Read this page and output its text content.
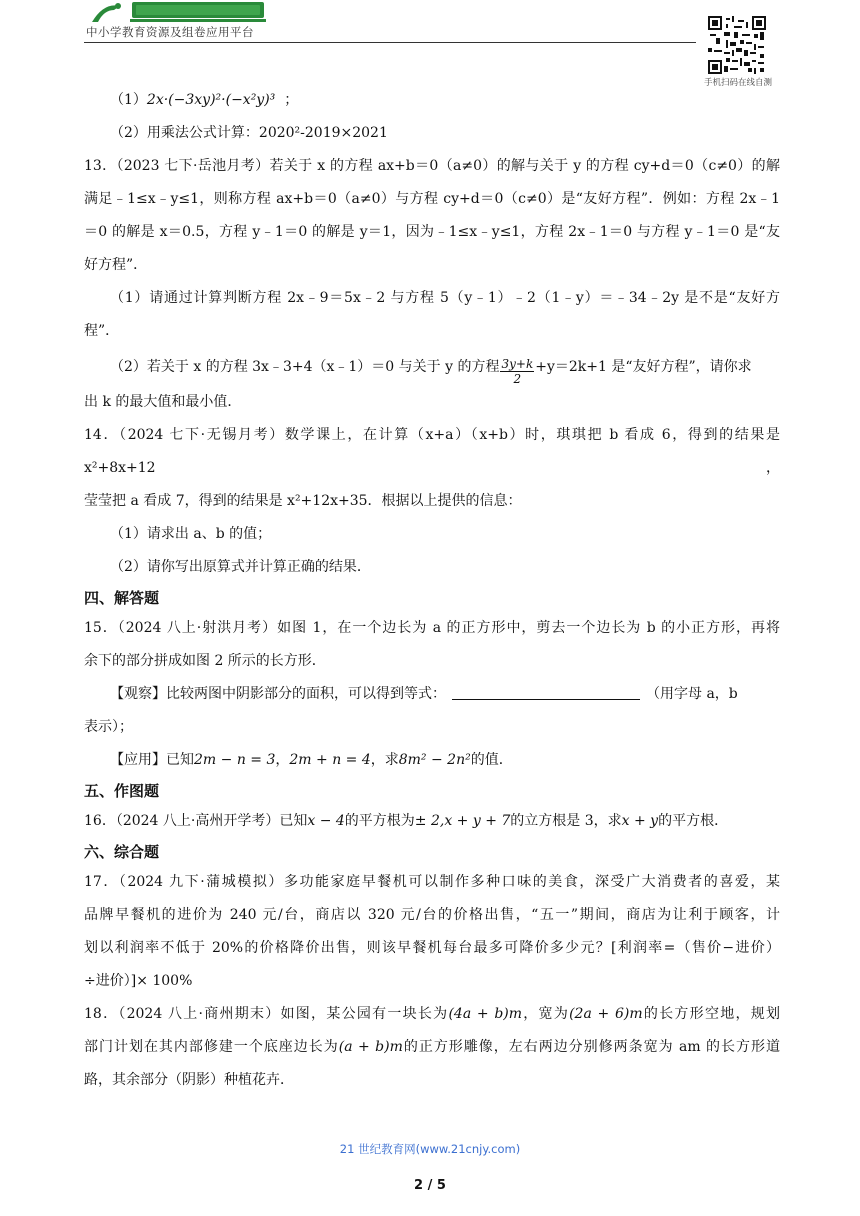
中小学教育资源及组卷应用平台
手机扫码在线自测
（1）2x·(−3xy)²·(−x²y)³ ；
（2）用乘法公式计算：2020²-2019×2021
13．（2023 七下·岳池月考）若关于 x 的方程 ax+b＝0（a≠0）的解与关于 y 的方程 cy+d＝0（c≠0）的解
满足﹣1≤x﹣y≤1，则称方程 ax+b＝0（a≠0）与方程 cy+d＝0（c≠0）是“友好方程”．例如：方程 2x﹣1
＝0 的解是 x＝0.5，方程 y﹣1＝0 的解是 y＝1，因为﹣1≤x﹣y≤1，方程 2x﹣1＝0 与方程 y﹣1＝0 是“友
好方程”．
（1）请通过计算判断方程 2x﹣9＝5x﹣2 与方程 5（y﹣1）﹣2（1﹣y）＝﹣34﹣2y 是不是“友好方
程”．
（2）若关于 x 的方程 3x﹣3+4（x﹣1）＝0 与关于 y 的方程 $\frac{3y+k}{2} +y=2k+1$ 是“友好方程”，请你求
出 k 的最大值和最小值．
14．（2024 七下·无锡月考）数学课上，在计算（x+a）（x+b）时，琪琪把 b 看成 6，得到的结果是 x²+8x+12，
莹莹把 a 看成 7，得到的结果是 x²+12x+35．根据以上提供的信息：
（1）请求出 a、b 的值；
（2）请你写出原算式并计算正确的结果．
四、解答题
15．（2024 八上·射洪月考）如图 1，在一个边长为 a 的正方形中，剪去一个边长为 b 的小正方形，再将
余下的部分拼成如图 2 所示的长方形．
【观察】比较两图中阴影部分的面积，可以得到等式：	（用字母 a，b
表示）；
【应用】已知2m − n = 3，2m + n = 4，求8m² − 2n²的值．
五、作图题
16．（2024 八上·高州开学考）已知x − 4的平方根为± 2,x + y + 7的立方根是 3，求x + y的平方根．
六、综合题
17．（2024 九下·蒲城模拟）多功能家庭早餐机可以制作多种口味的美食，深受广大消费者的喜爱，某
品牌早餐机的进价为 240 元/台，商店以 320 元/台的价格出售，“五一”期间，商店为让利于顾客，计
划以利润率不低于 20%的价格降价出售，则该早餐机每台最多可降价多少元？[利润率=（售价−进价）
÷进价）]× 100%
18．（2024 八上·商州期末）如图，某公园有一块长为(4a + b)m，宽为(2a + 6)m的长方形空地，规划
部门计划在其内部修建一个底座边长为(a + b)m的正方形雕像，左右两边分别修两条宽为 am 的长方形道
路，其余部分（阴影）种植花卉．
21 世纪教育网(www.21cnjy.com)
2 / 5
